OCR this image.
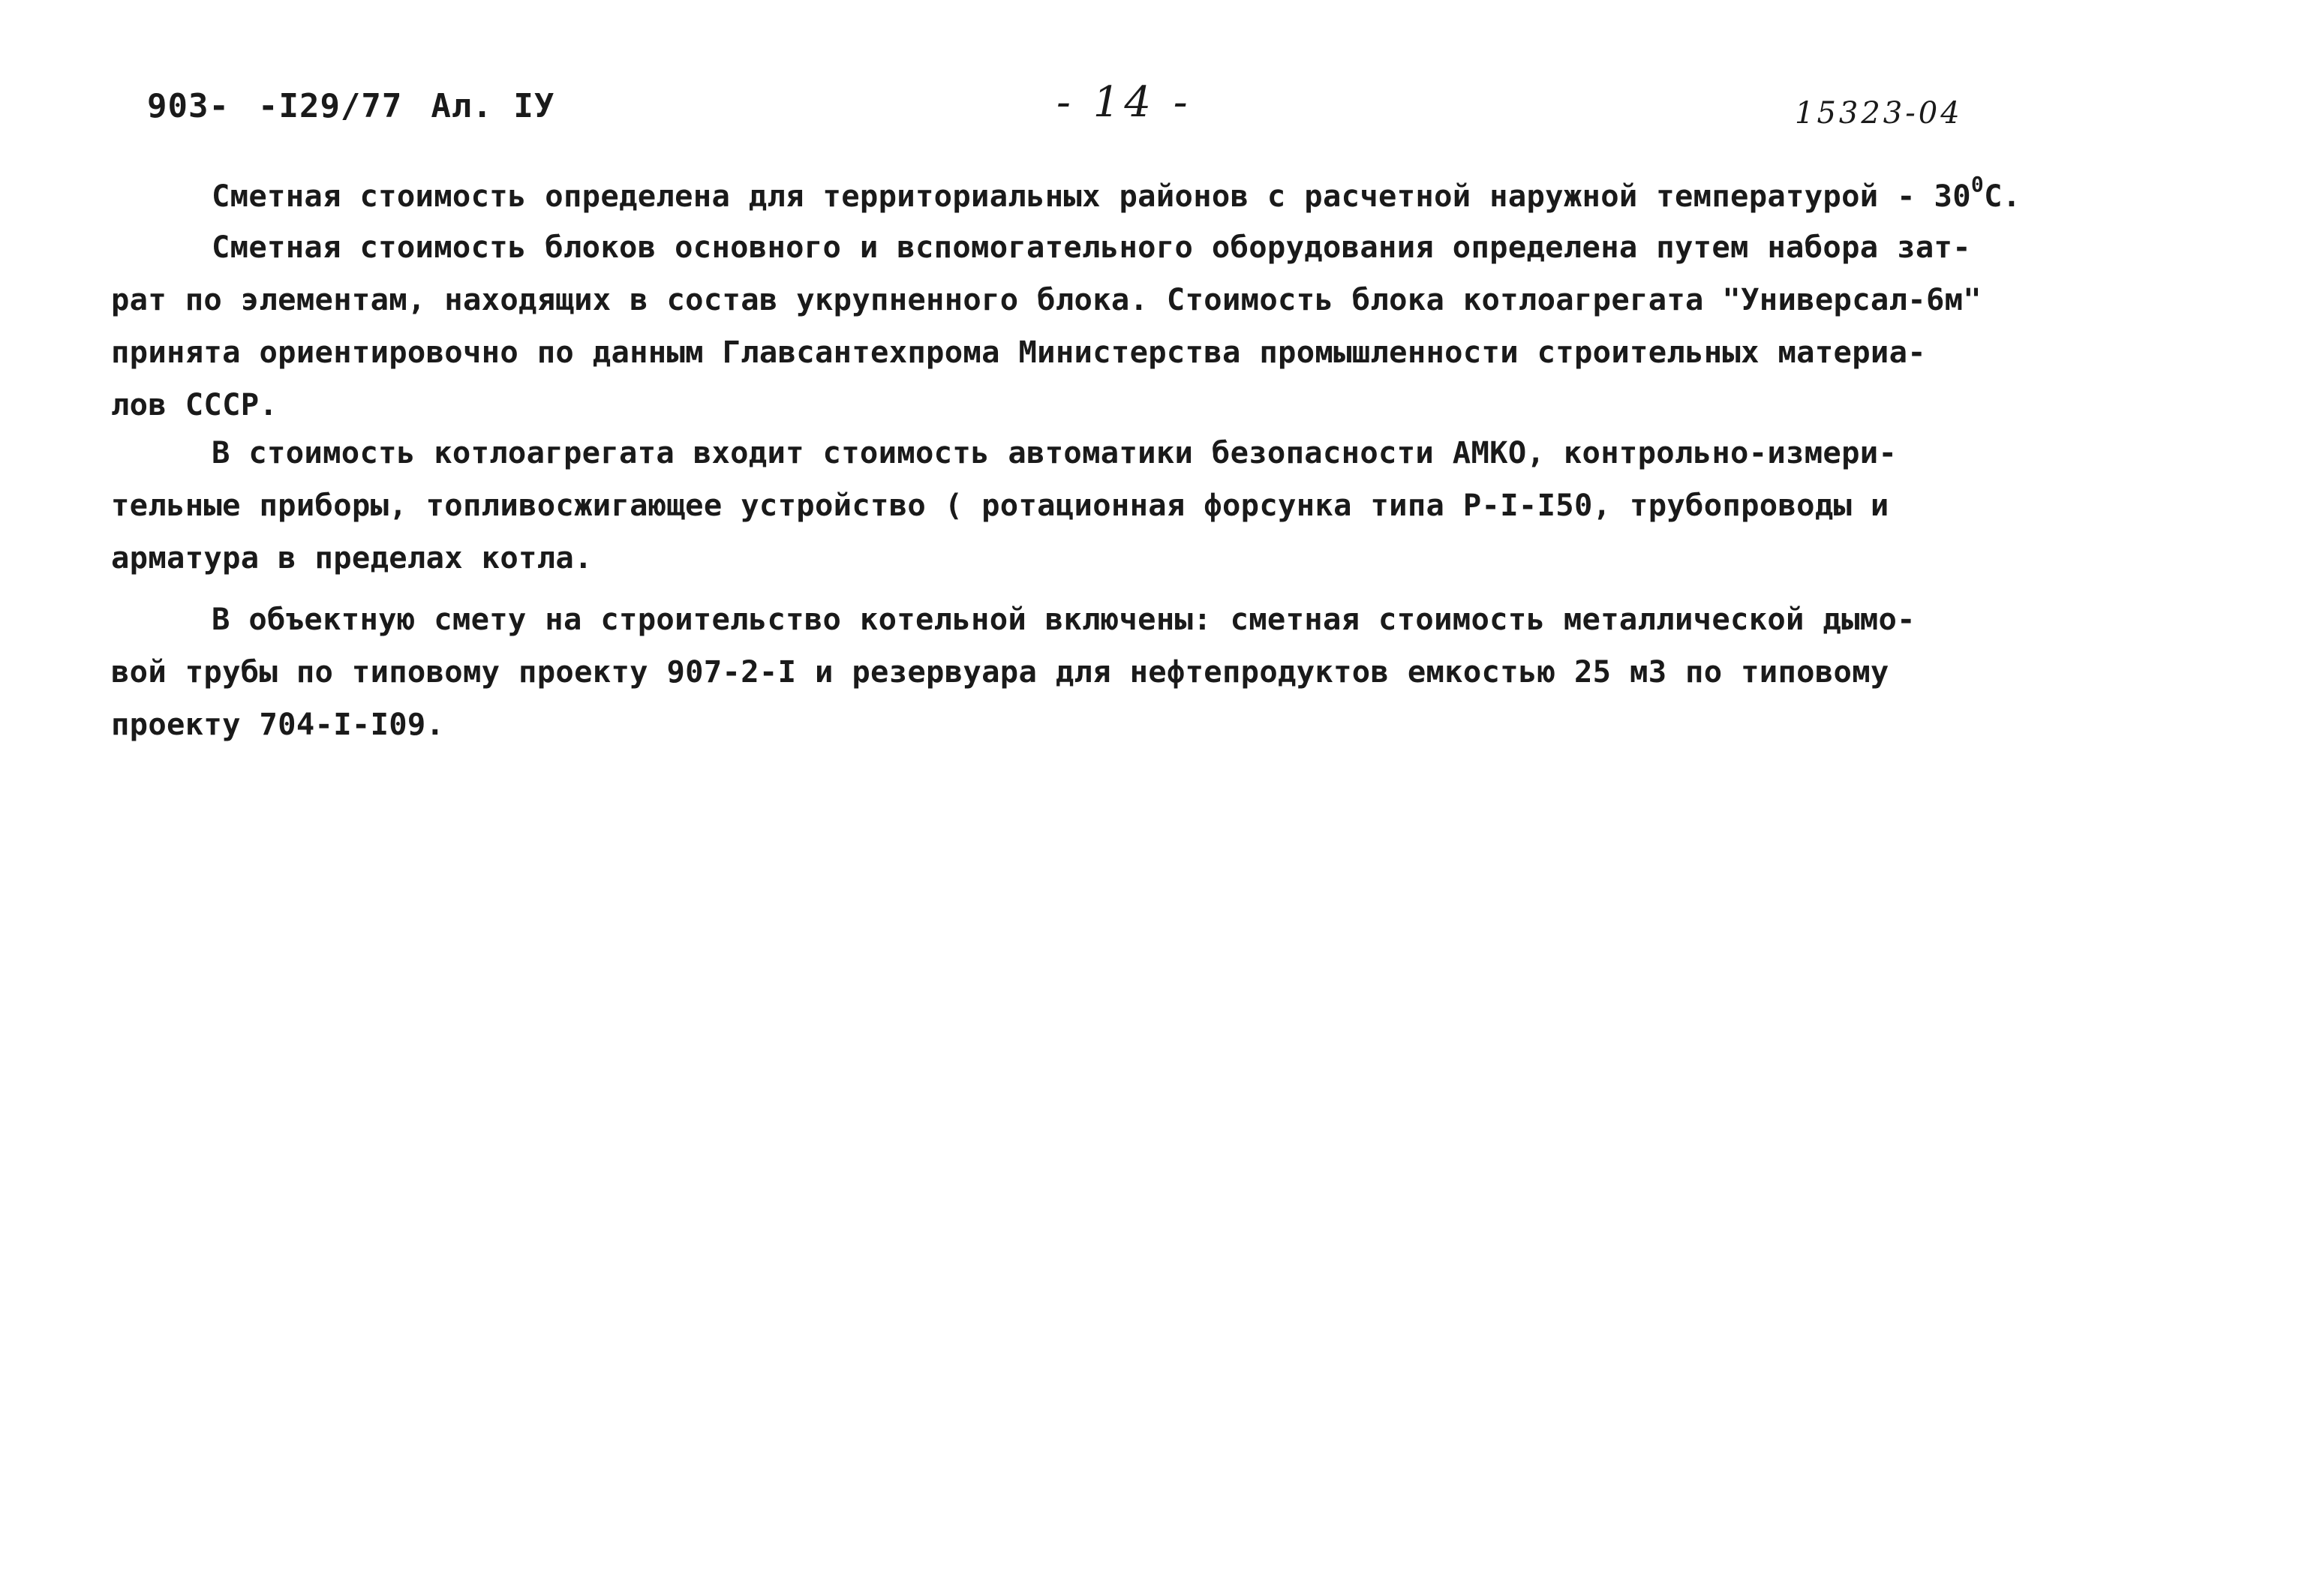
903- -I29/77 Ал. IУ	- 14 -	15323-04
Сметная стоимость определена для территориальных районов с расчетной наружной температурой - $30^0С$.
Сметная стоимость блоков основного и вспомогательного оборудования определена путем набора зат-
рат по элементам, находящих в состав укрупненного блока. Стоимость блока котлоагрегата "Универсал-6м"
принята ориентировочно по данным Главсантехпрома Министерства промышленности строительных материа-
лов СССР.
В стоимость котлоагрегата входит стоимость автоматики безопасности АМКО, контрольно-измери-
тельные приборы, топливосжигающее устройство ( ротационная форсунка типа Р-I-I50, трубопроводы и
арматура в пределах котла.
В объектную смету на строительство котельной включены: сметная стоимость металлической дымо-
вой трубы по типовому проекту 907-2-I и резервуара для нефтепродуктов емкостью 25 м3 по типовому
проекту 704-I-I09.
